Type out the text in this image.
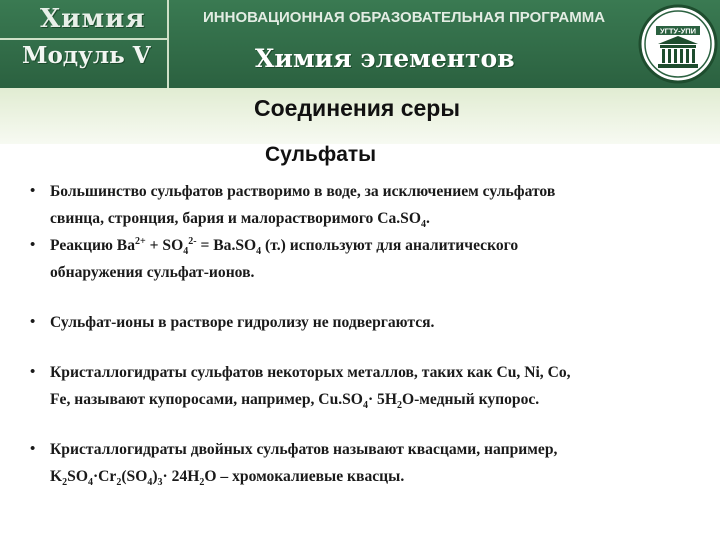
Химия
Модуль V
ИННОВАЦИОННАЯ ОБРАЗОВАТЕЛЬНАЯ ПРОГРАММА
Химия элементов
УГТУ-УПИ
Соединения серы
Сульфаты
• Большинство сульфатов растворимо в воде, за исключением сульфатов
свинца, стронция, бария и малорастворимого $Ca.SO_4$.
• Реакцию $Ba^{2+} + SO_4^{2-} = Ba.SO_4$ (т.) используют для аналитического
обнаружения сульфат-ионов.
• Сульфат-ионы в растворе гидролизу не подвергаются.
• Кристаллогидраты сульфатов некоторых металлов, таких как Cu, Ni, Co,
Fe, называют купоросами, например, $Cu.SO_4\cdot$ $5H_2O$-медный купорос.
• Кристаллогидраты двойных сульфатов называют квасцами, например,
$K_2SO_4\cdot Cr_2(SO_4)_3\cdot 24H_2O$ – хромокалиевые квасцы.
